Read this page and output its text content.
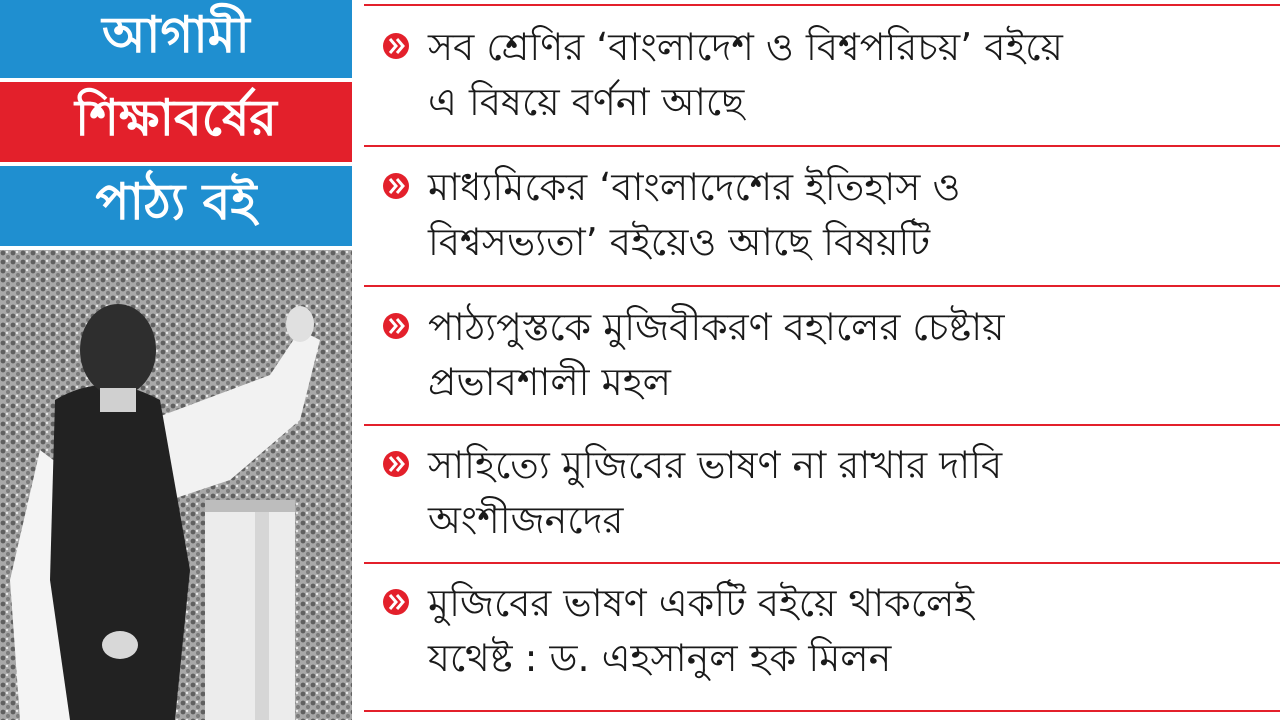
আগামী
শিক্ষাবর্ষের
পাঠ্য বই
সব শ্রেণির ‘বাংলাদেশ ও বিশ্বপরিচয়’ বইয়ে
এ বিষয়ে বর্ণনা আছে
মাধ্যমিকের ‘বাংলাদেশের ইতিহাস ও
বিশ্বসভ্যতা’ বইয়েও আছে বিষয়টি
পাঠ্যপুস্তকে মুজিবীকরণ বহালের চেষ্টায়
প্রভাবশালী মহল
সাহিত্যে মুজিবের ভাষণ না রাখার দাবি
অংশীজনদের
মুজিবের ভাষণ একটি বইয়ে থাকলেই
যথেষ্ট : ড. এহসানুল হক মিলন
